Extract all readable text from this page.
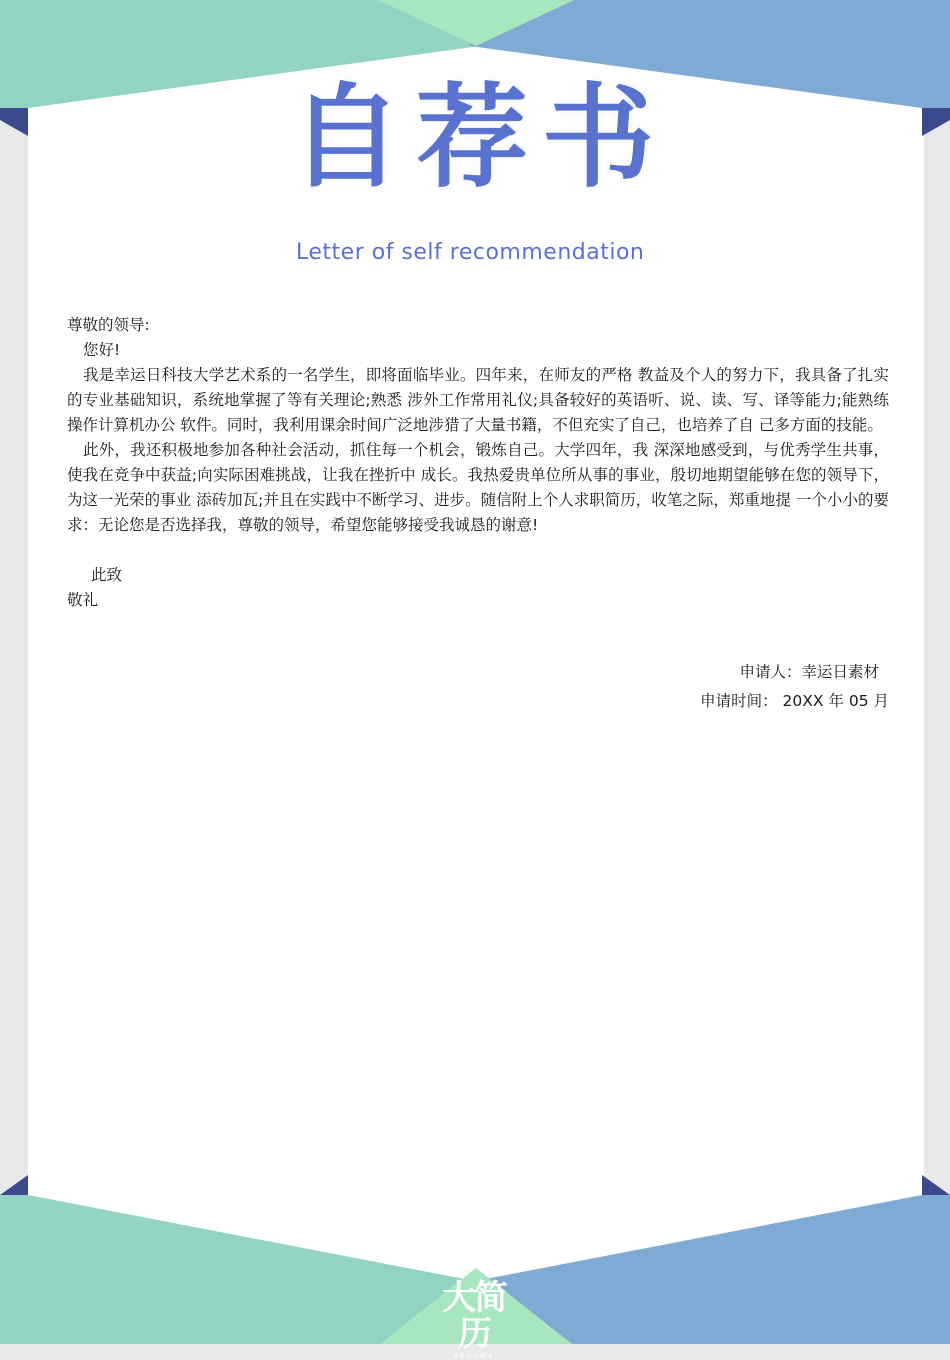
自荐书
Letter of self recommendation

尊敬的领导:

您好!

我是幸运日科技大学艺术系的一名学生，即将面临毕业。四年来，在师友的严格 教益及个人的努力下，我具备了扎实的专业基础知识，系统地掌握了等有关理论;熟悉 涉外工作常用礼仪;具备较好的英语听、说、读、写、译等能力;能熟练操作计算机办公 软件。同时，我利用课余时间广泛地涉猎了大量书籍，不但充实了自己，也培养了自 己多方面的技能。

此外，我还积极地参加各种社会活动，抓住每一个机会，锻炼自己。大学四年，我 深深地感受到，与优秀学生共事，使我在竞争中获益;向实际困难挑战，让我在挫折中 成长。我热爱贵单位所从事的事业，殷切地期望能够在您的领导下，为这一光荣的事业 添砖加瓦;并且在实践中不断学习、进步。随信附上个人求职简历，收笔之际，郑重地提 一个小小的要求：无论您是否选择我，尊敬的领导，希望您能够接受我诚恳的谢意!

此致

敬礼

申请人：幸运日素材

申请时间： 20XX 年 05 月

大简历
RESUME
